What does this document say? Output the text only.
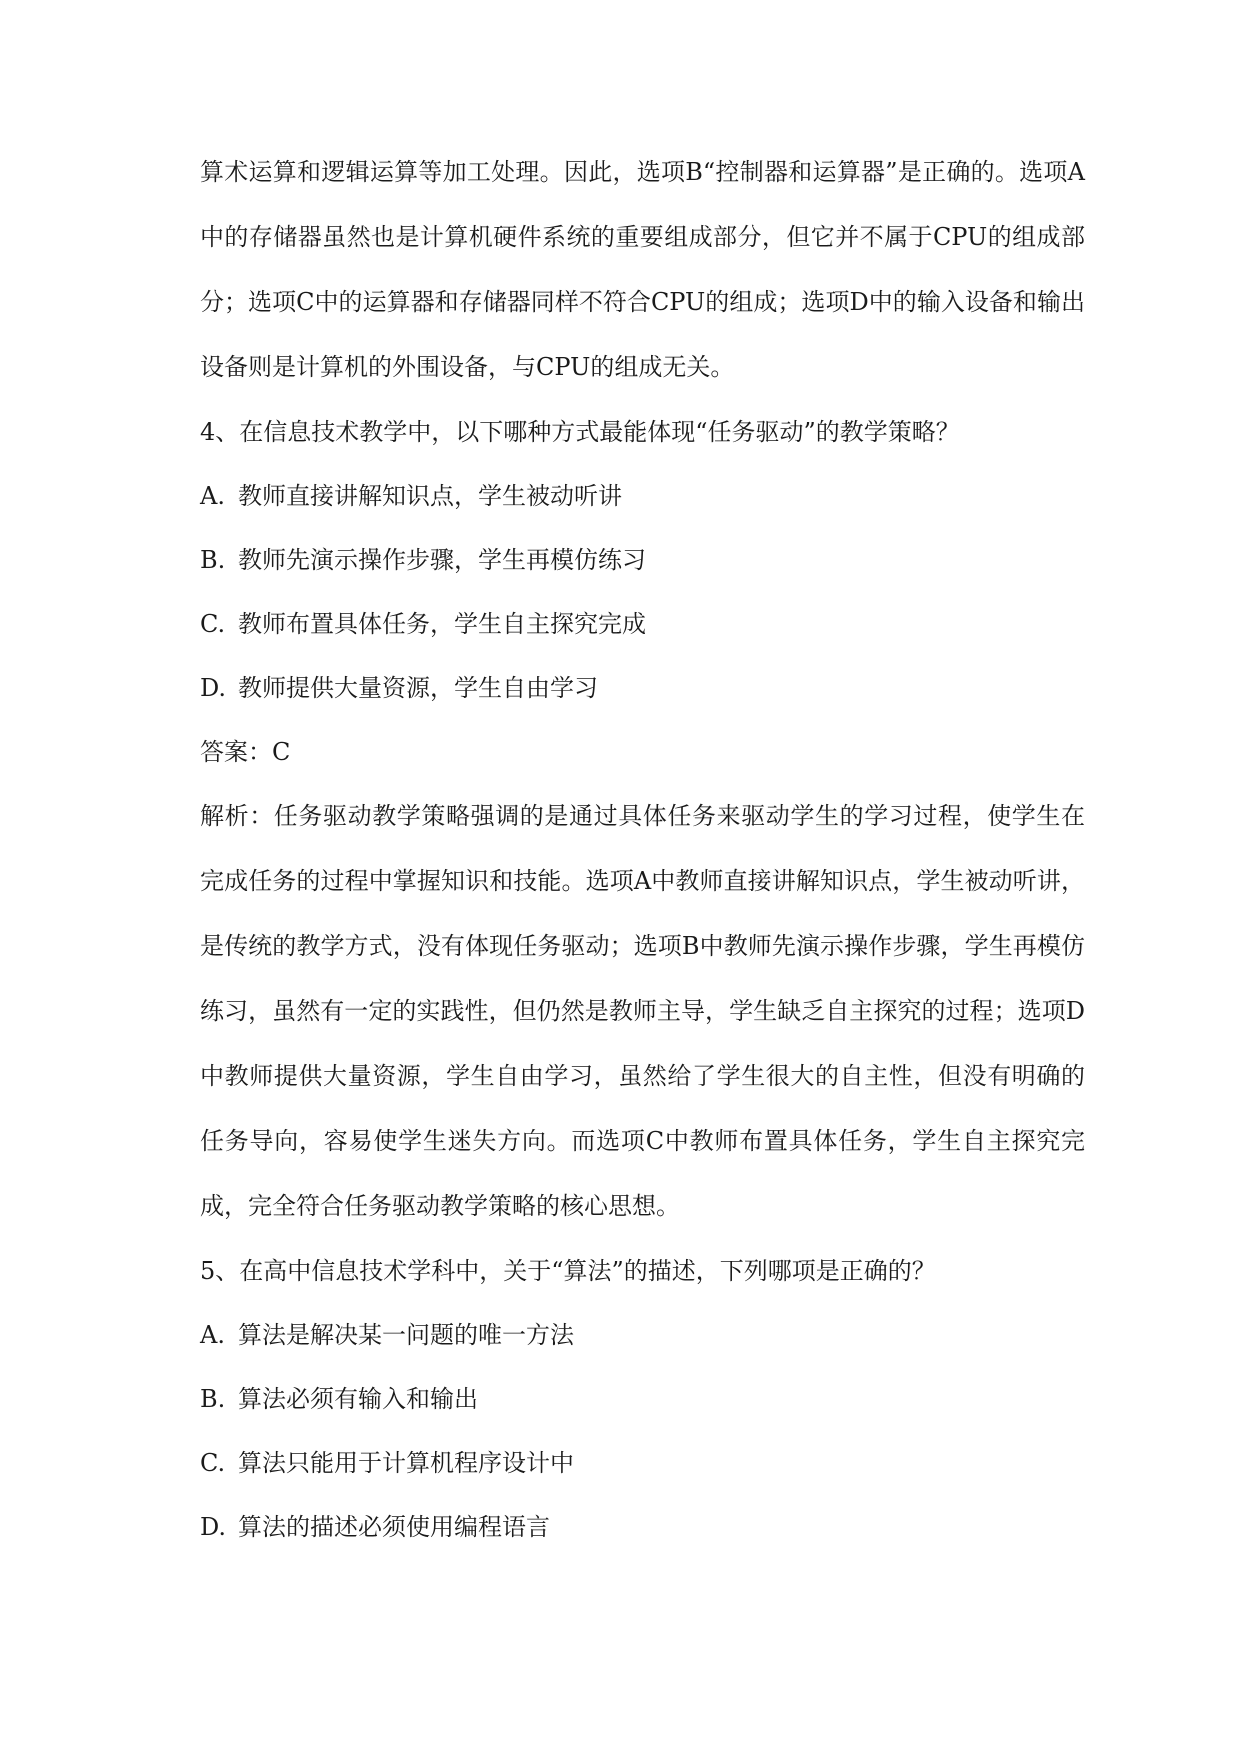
算术运算和逻辑运算等加工处理。因此，选项B“控制器和运算器”是正确的。选项A中的存储器虽然也是计算机硬件系统的重要组成部分，但它并不属于CPU的组成部分；选项C中的运算器和存储器同样不符合CPU的组成；选项D中的输入设备和输出设备则是计算机的外围设备，与CPU的组成无关。

4、在信息技术教学中，以下哪种方式最能体现“任务驱动”的教学策略？

A. 教师直接讲解知识点，学生被动听讲

B. 教师先演示操作步骤，学生再模仿练习

C. 教师布置具体任务，学生自主探究完成

D. 教师提供大量资源，学生自由学习

答案：C

解析：任务驱动教学策略强调的是通过具体任务来驱动学生的学习过程，使学生在完成任务的过程中掌握知识和技能。选项A中教师直接讲解知识点，学生被动听讲，是传统的教学方式，没有体现任务驱动；选项B中教师先演示操作步骤，学生再模仿练习，虽然有一定的实践性，但仍然是教师主导，学生缺乏自主探究的过程；选项D中教师提供大量资源，学生自由学习，虽然给了学生很大的自主性，但没有明确的任务导向，容易使学生迷失方向。而选项C中教师布置具体任务，学生自主探究完成，完全符合任务驱动教学策略的核心思想。

5、在高中信息技术学科中，关于“算法”的描述，下列哪项是正确的？

A. 算法是解决某一问题的唯一方法

B. 算法必须有输入和输出

C. 算法只能用于计算机程序设计中

D. 算法的描述必须使用编程语言
